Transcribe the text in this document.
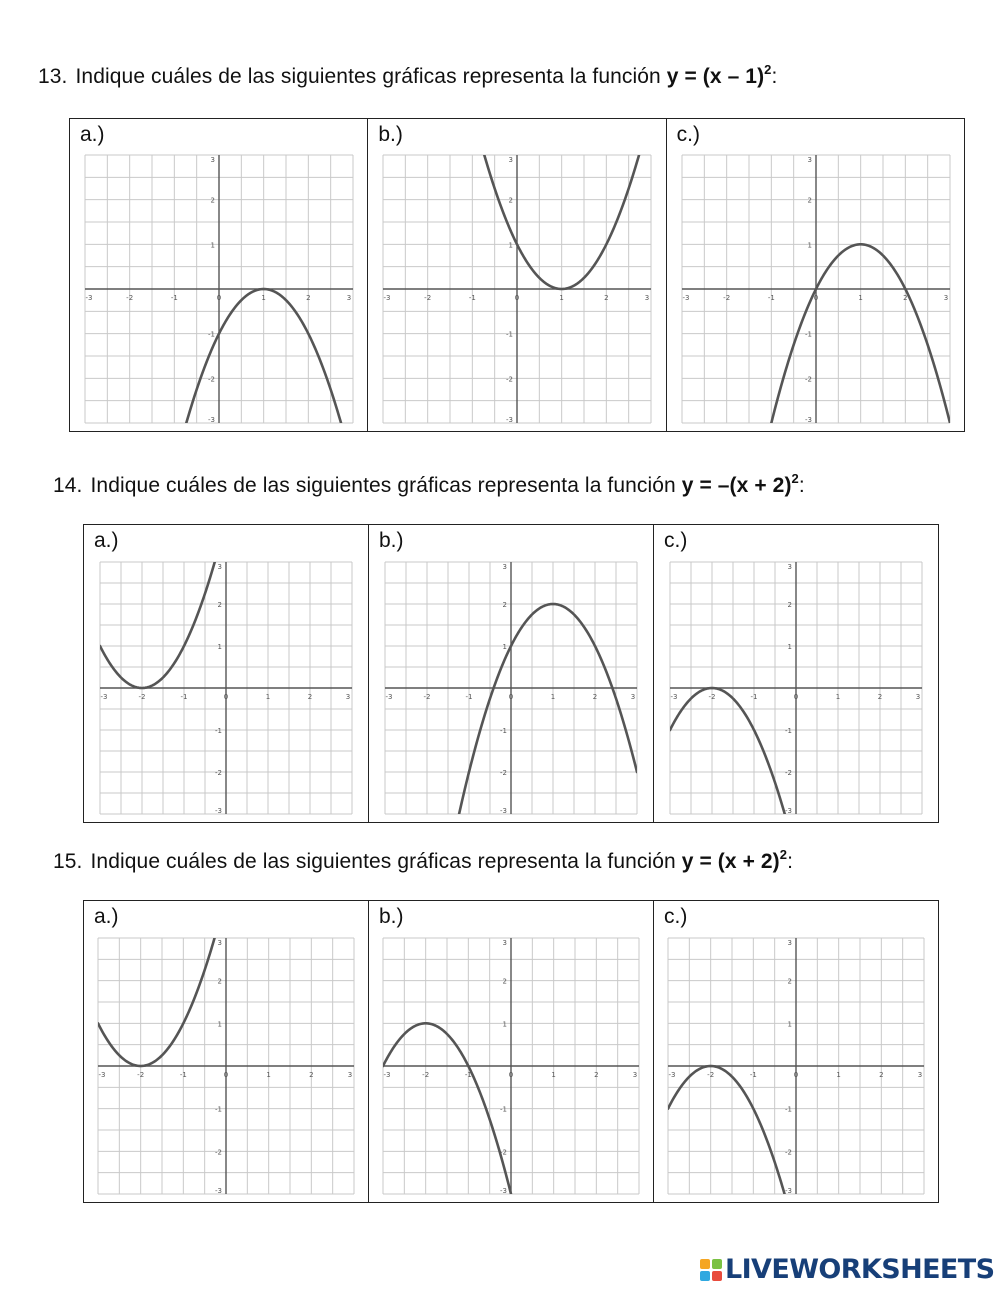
13. Indique cuáles de las siguientes gráficas representa la función y = (x – 1)$^2$:
a.)
-3	-2	-1	0	1	2	3
-3
-2
-1
1
2
3
b.)
-3	-2	-1	0	1	2	3
-3
-2
-1
1
2
3
c.)
-3	-2	-1	0	1	2	3
-3
-2
-1
1
2
3
14. Indique cuáles de las siguientes gráficas representa la función $y = -(x + 2)^2$:
a.)
-3	-2	-1	0	1	2	3
-3
-2
-1
1
2
3
b.)
-3	-2	-1	0	1	2	3
-3
-2
-1
1
2
3
c.)
-3	-2	-1	0	1	2	3
-3
-2
-1
1
2
3
15. Indique cuáles de las siguientes gráficas representa la función $y = (x + 2)^2$:
a.)
-3	-2	-1	0	1	2	3
-3
-2
-1
1
2
3
b.)
-3	-2	-1	0	1	2	3
-3
-2
-1
1
2
3
c.)
-3	-2	-1	0	1	2	3
-3
-2
-1
1
2
3
LIVEWORKSHEETS
